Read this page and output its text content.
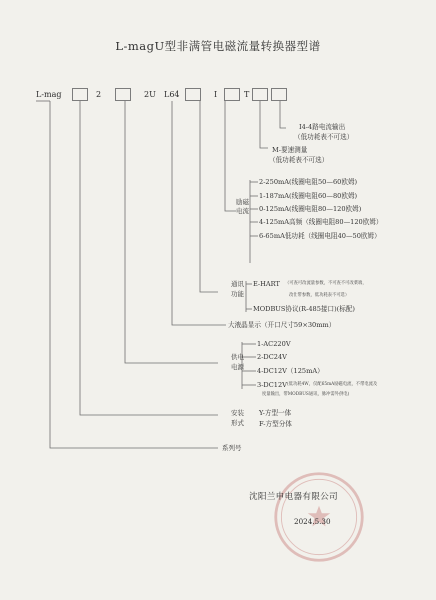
L-magU型非满管电磁流量转换器型谱
L-mag	2	2U L64	I	T
I4-4路电流输出
（低功耗表不可选）
M-要速测量
（低功耗表不可选）
励磁
电流
2-250mA(线圈电阻50—60欧姆)
1-187mA(线圈电阻60—80欧姆)
0-125mA(线圈电阻80—120欧姆)
4-125mA高频（线圈电阻80—120欧姆）
6-65mA低功耗（线圈电阻40—50欧姆）
通讯
功能
E-HART （可查可改流量参数，不可查不可改菜端，
改仕带参数，低功耗表不可选）
MODBUS协议(R-485接口)(标配)
大液晶显示（开口尺寸59×30mm）
供电
电源
1-AC220V
2-DC24V
4-DC12V（125mA）
3-DC12V (低功耗4W，仅配65mA励磁电流，不带电流及
度量输出，带MODBUS通讯，脉冲需外供电)
安装
形式
Y-方型一体
F-方型分体
系列号
沈阳兰申电器有限公司
2024.5.30
